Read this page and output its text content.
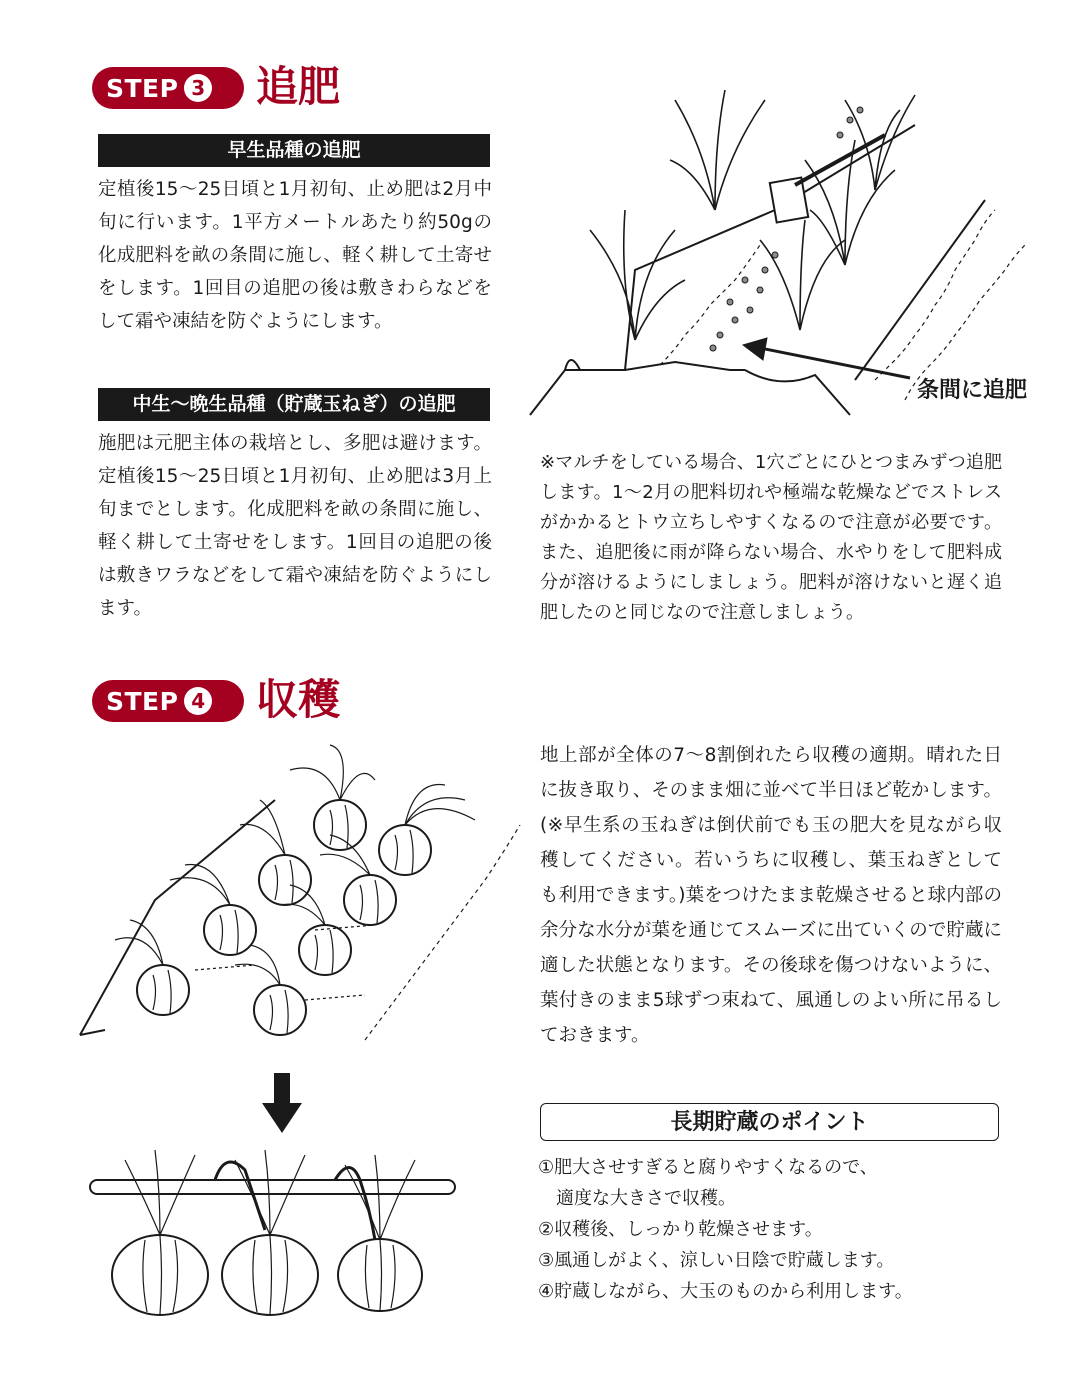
STEP 3 追肥
早生品種の追肥

定植後15〜25日頃と1月初旬、止め肥は2月中旬に行います。1平方メートルあたり約50gの化成肥料を畝の条間に施し、軽く耕して土寄せをします。1回目の追肥の後は敷きわらなどをして霜や凍結を防ぐようにします。

中生〜晩生品種（貯蔵玉ねぎ）の追肥

施肥は元肥主体の栽培とし、多肥は避けます。定植後15〜25日頃と1月初旬、止め肥は3月上旬までとします。化成肥料を畝の条間に施し、軽く耕して土寄せをします。1回目の追肥の後は敷きワラなどをして霜や凍結を防ぐようにします。

条間に追肥

※マルチをしている場合、1穴ごとにひとつまみずつ追肥します。1〜2月の肥料切れや極端な乾燥などでストレスがかかるとトウ立ちしやすくなるので注意が必要です。また、追肥後に雨が降らない場合、水やりをして肥料成分が溶けるようにしましょう。肥料が溶けないと遅く追肥したのと同じなので注意しましょう。

STEP 4 収穫

地上部が全体の7〜8割倒れたら収穫の適期。晴れた日に抜き取り、そのまま畑に並べて半日ほど乾かします。(※早生系の玉ねぎは倒伏前でも玉の肥大を見ながら収穫してください。若いうちに収穫し、葉玉ねぎとしても利用できます。)葉をつけたまま乾燥させると球内部の余分な水分が葉を通じてスムーズに出ていくので貯蔵に適した状態となります。その後球を傷つけないように、葉付きのまま5球ずつ束ねて、風通しのよい所に吊るしておきます。

長期貯蔵のポイント
①肥大させすぎると腐りやすくなるので、
　適度な大きさで収穫。
②収穫後、しっかり乾燥させます。
③風通しがよく、涼しい日陰で貯蔵します。
④貯蔵しながら、大玉のものから利用します。
